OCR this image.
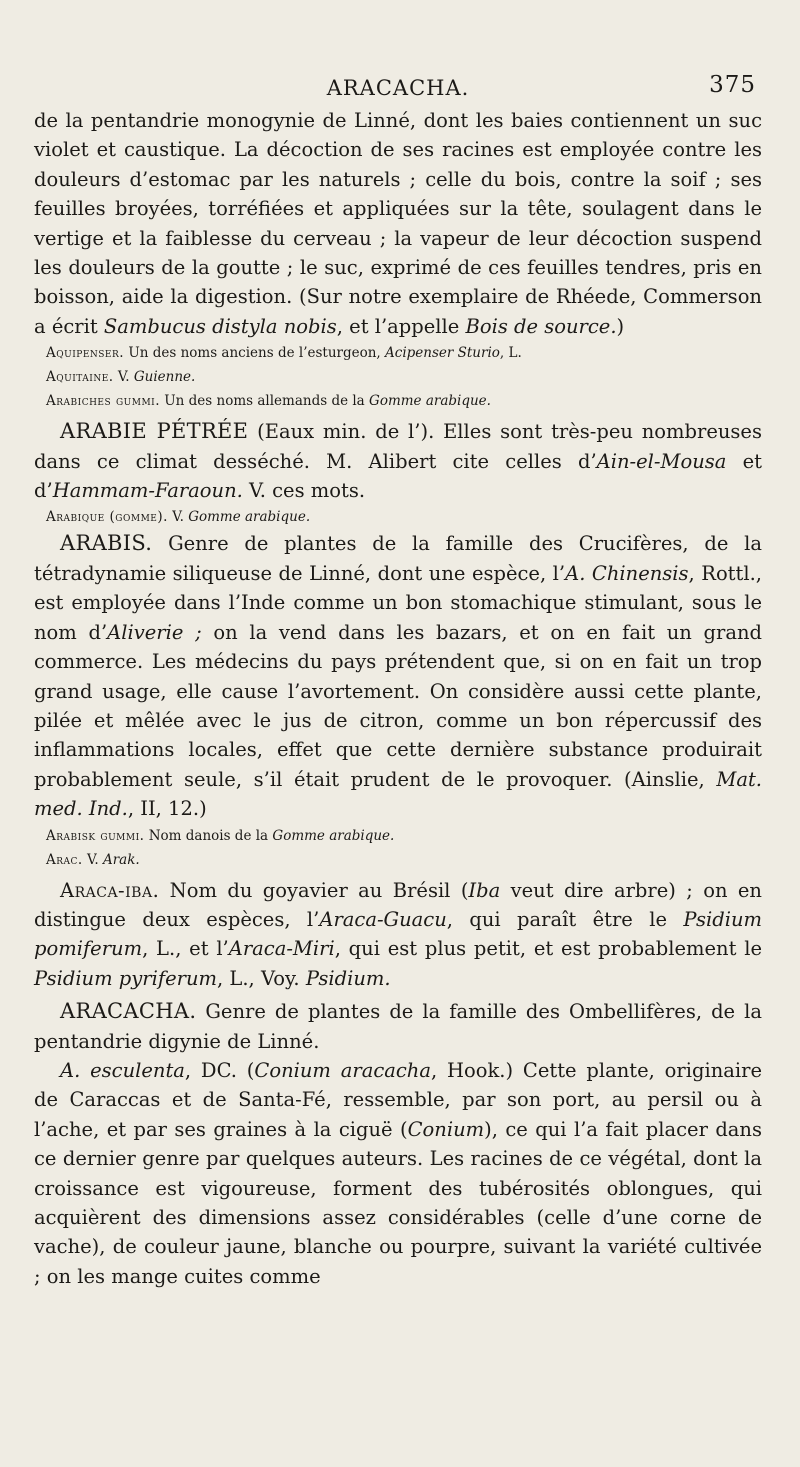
ARACACHA.	375

de la pentandrie monogynie de Linné, dont les baies contiennent un suc violet et caustique. La décoction de ses racines est employée contre les douleurs d’estomac par les naturels ; celle du bois, contre la soif ; ses feuilles broyées, torréfiées et appliquées sur la tête, soulagent dans le vertige et la faiblesse du cerveau ; la vapeur de leur décoction suspend les douleurs de la goutte ; le suc, exprimé de ces feuilles tendres, pris en boisson, aide la digestion. (Sur notre exemplaire de Rhéede, Commerson a écrit Sambucus distyla nobis, et l’appelle Bois de source.)

Aquipenser. Un des noms anciens de l’esturgeon, Acipenser Sturio, L.

Aquitaine. V. Guienne.

Arabiches gummi. Un des noms allemands de la Gomme arabique.

ARABIE PÉTRÉE (Eaux min. de l’). Elles sont très-peu nombreuses dans ce climat desséché. M. Alibert cite celles d’Ain-el-Mousa et d’Hammam-Faraoun. V. ces mots.

Arabique (gomme). V. Gomme arabique.

ARABIS. Genre de plantes de la famille des Crucifères, de la tétradynamie siliqueuse de Linné, dont une espèce, l’A. Chinensis, Rottl., est employée dans l’Inde comme un bon stomachique stimulant, sous le nom d’Aliverie ; on la vend dans les bazars, et on en fait un grand commerce. Les médecins du pays prétendent que, si on en fait un trop grand usage, elle cause l’avortement. On considère aussi cette plante, pilée et mêlée avec le jus de citron, comme un bon répercussif des inflammations locales, effet que cette dernière substance produirait probablement seule, s’il était prudent de le provoquer. (Ainslie, Mat. med. Ind., II, 12.)

Arabisk gummi. Nom danois de la Gomme arabique.

Arac. V. Arak.

Araca-iba. Nom du goyavier au Brésil (Iba veut dire arbre) ; on en distingue deux espèces, l’Araca-Guacu, qui paraît être le Psidium pomiferum, L., et l’Araca-Miri, qui est plus petit, et est probablement le Psidium pyriferum, L., Voy. Psidium.

ARACACHA. Genre de plantes de la famille des Ombellifères, de la pentandrie digynie de Linné.

A. esculenta, DC. (Conium aracacha, Hook.) Cette plante, originaire de Caraccas et de Santa-Fé, ressemble, par son port, au persil ou à l’ache, et par ses graines à la ciguë (Conium), ce qui l’a fait placer dans ce dernier genre par quelques auteurs. Les racines de ce végétal, dont la croissance est vigoureuse, forment des tubérosités oblongues, qui acquièrent des dimensions assez considérables (celle d’une corne de vache), de couleur jaune, blanche ou pourpre, suivant la variété cultivée ; on les mange cuites comme
